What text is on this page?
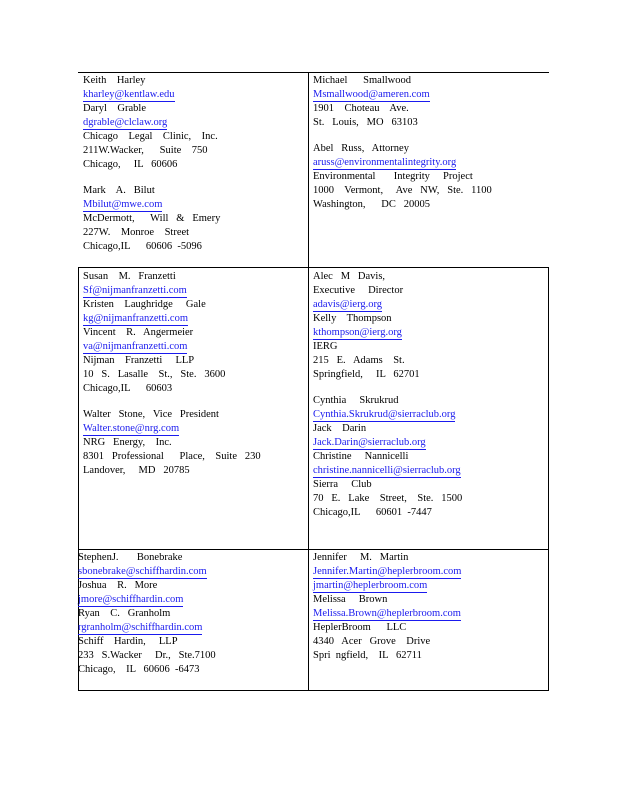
Keith    Harley
kharley@kentlaw.edu
Daryl    Grable
dgrable@clclaw.org
Chicago    Legal    Clinic,    Inc.
211W.Wacker,      Suite    750
Chicago,     IL   60606
Mark    A.   Bilut
Mbilut@mwe.com
McDermott,      Will   &   Emery
227W.    Monroe    Street
Chicago,IL      60606  -5096
Michael      Smallwood
Msmallwood@ameren.com
1901    Choteau    Ave.
St.   Louis,   MO   63103
Abel   Russ,   Attorney
aruss@environmentalintegrity.org
Environmental       Integrity     Project
1000    Vermont,     Ave   NW,   Ste.   1100
Washington,      DC   20005
Susan    M.   Franzetti
Sf@nijmanfranzetti.com
Kristen    Laughridge     Gale
kg@nijmanfranzetti.com
Vincent    R.   Angermeier
va@nijmanfranzetti.com
Nijman    Franzetti     LLP
10   S.   Lasalle    St.,   Ste.   3600
Chicago,IL      60603
Walter   Stone,   Vice   President
Walter.stone@nrg.com
NRG   Energy,    Inc.
8301   Professional      Place,    Suite   230
Landover,     MD   20785
Alec   M   Davis,
Executive     Director
adavis@ierg.org
Kelly    Thompson
kthompson@ierg.org
IERG
215   E.   Adams    St.
Springfield,     IL   62701
Cynthia     Skrukrud
Cynthia.Skrukrud@sierraclub.org
Jack    Darin
Jack.Darin@sierraclub.org
Christine     Nannicelli
christine.nannicelli@sierraclub.org
Sierra     Club
70   E.   Lake    Street,    Ste.   1500
Chicago,IL      60601  -7447
StephenJ.       Bonebrake
sbonebrake@schiffhardin.com
Joshua    R.   More
jmore@schiffhardin.com
Ryan    C.   Granholm
rgranholm@schiffhardin.com
Schiff    Hardin,     LLP
233   S.Wacker     Dr.,   Ste.7100
Chicago,    IL   60606  -6473
Jennifer     M.   Martin
Jennifer.Martin@heplerbroom.com
jmartin@heplerbroom.com
Melissa     Brown
Melissa.Brown@heplerbroom.com
HeplerBroom      LLC
4340   Acer   Grove    Drive
Spri  ngfield,    IL   62711
